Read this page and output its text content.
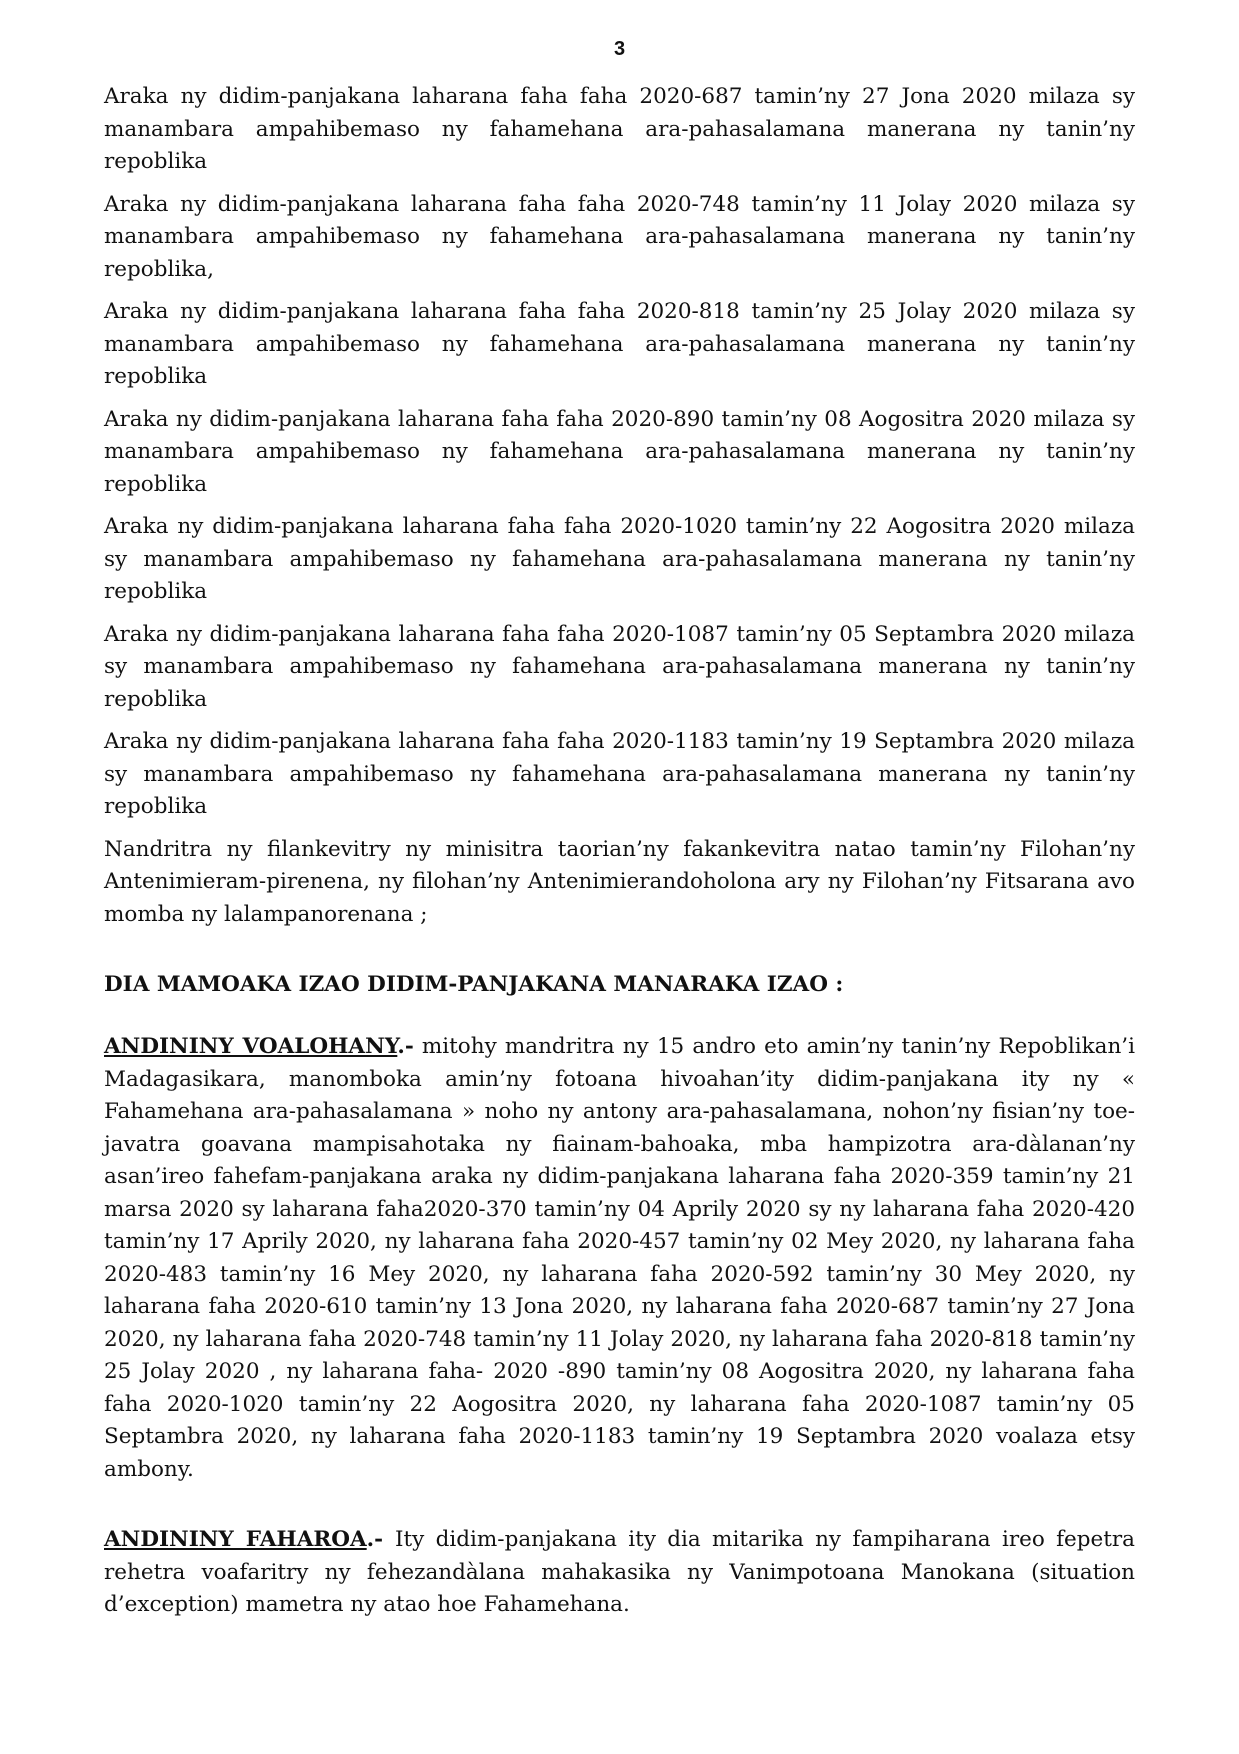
3

Araka ny didim-panjakana laharana faha faha 2020-687 tamin’ny 27 Jona 2020 milaza sy manambara ampahibemaso ny fahamehana ara-pahasalamana manerana ny tanin’ny repoblika

Araka ny didim-panjakana laharana faha faha 2020-748 tamin’ny 11 Jolay 2020 milaza sy manambara ampahibemaso ny fahamehana ara-pahasalamana manerana ny tanin’ny repoblika,

Araka ny didim-panjakana laharana faha faha 2020-818 tamin’ny 25 Jolay 2020 milaza sy manambara ampahibemaso ny fahamehana ara-pahasalamana manerana ny tanin’ny repoblika

Araka ny didim-panjakana laharana faha faha 2020-890 tamin’ny 08 Aogositra 2020 milaza sy manambara ampahibemaso ny fahamehana ara-pahasalamana manerana ny tanin’ny repoblika

Araka ny didim-panjakana laharana faha faha 2020-1020 tamin’ny 22 Aogositra 2020 milaza sy manambara ampahibemaso ny fahamehana ara-pahasalamana manerana ny tanin’ny repoblika

Araka ny didim-panjakana laharana faha faha 2020-1087 tamin’ny 05 Septambra 2020 milaza sy manambara ampahibemaso ny fahamehana ara-pahasalamana manerana ny tanin’ny repoblika

Araka ny didim-panjakana laharana faha faha 2020-1183 tamin’ny 19 Septambra 2020 milaza sy manambara ampahibemaso ny fahamehana ara-pahasalamana manerana ny tanin’ny repoblika

Nandritra ny filankevitry ny minisitra taorian’ny fakankevitra natao tamin’ny Filohan’ny Antenimieram-pirenena, ny filohan’ny Antenimierandoholona ary ny Filohan’ny Fitsarana avo momba ny lalampanorenana ;

DIA MAMOAKA IZAO DIDIM-PANJAKANA MANARAKA IZAO :

ANDININY VOALOHANY.- mitohy mandritra ny 15 andro eto amin’ny tanin’ny Repoblikan’i Madagasikara, manomboka amin’ny fotoana hivoahan’ity didim-panjakana ity ny « Fahamehana ara-pahasalamana » noho ny antony ara-pahasalamana, nohon’ny fisian’ny toe-javatra goavana mampisahotaka ny fiainam-bahoaka, mba hampizotra ara-dàlanan’ny asan’ireo fahefam-panjakana araka ny didim-panjakana laharana faha 2020-359 tamin’ny 21 marsa 2020 sy laharana faha2020-370 tamin’ny 04 Aprily 2020 sy ny laharana faha 2020-420 tamin’ny 17 Aprily 2020, ny laharana faha 2020-457 tamin’ny 02 Mey 2020, ny laharana faha 2020-483 tamin’ny 16 Mey 2020, ny laharana faha 2020-592 tamin’ny 30 Mey 2020, ny laharana faha 2020-610 tamin’ny 13 Jona 2020, ny laharana faha 2020-687 tamin’ny 27 Jona 2020, ny laharana faha 2020-748 tamin’ny 11 Jolay 2020, ny laharana faha 2020-818 tamin’ny 25 Jolay 2020 , ny laharana faha- 2020 -890 tamin’ny 08 Aogositra 2020, ny laharana faha faha 2020-1020 tamin’ny 22 Aogositra 2020, ny laharana faha 2020-1087 tamin’ny 05 Septambra 2020, ny laharana faha 2020-1183 tamin’ny 19 Septambra 2020 voalaza etsy ambony.

ANDININY FAHAROA.- Ity didim-panjakana ity dia mitarika ny fampiharana ireo fepetra rehetra voafaritry ny fehezandàlana mahakasika ny Vanimpotoana Manokana (situation d’exception) mametra ny atao hoe Fahamehana.
